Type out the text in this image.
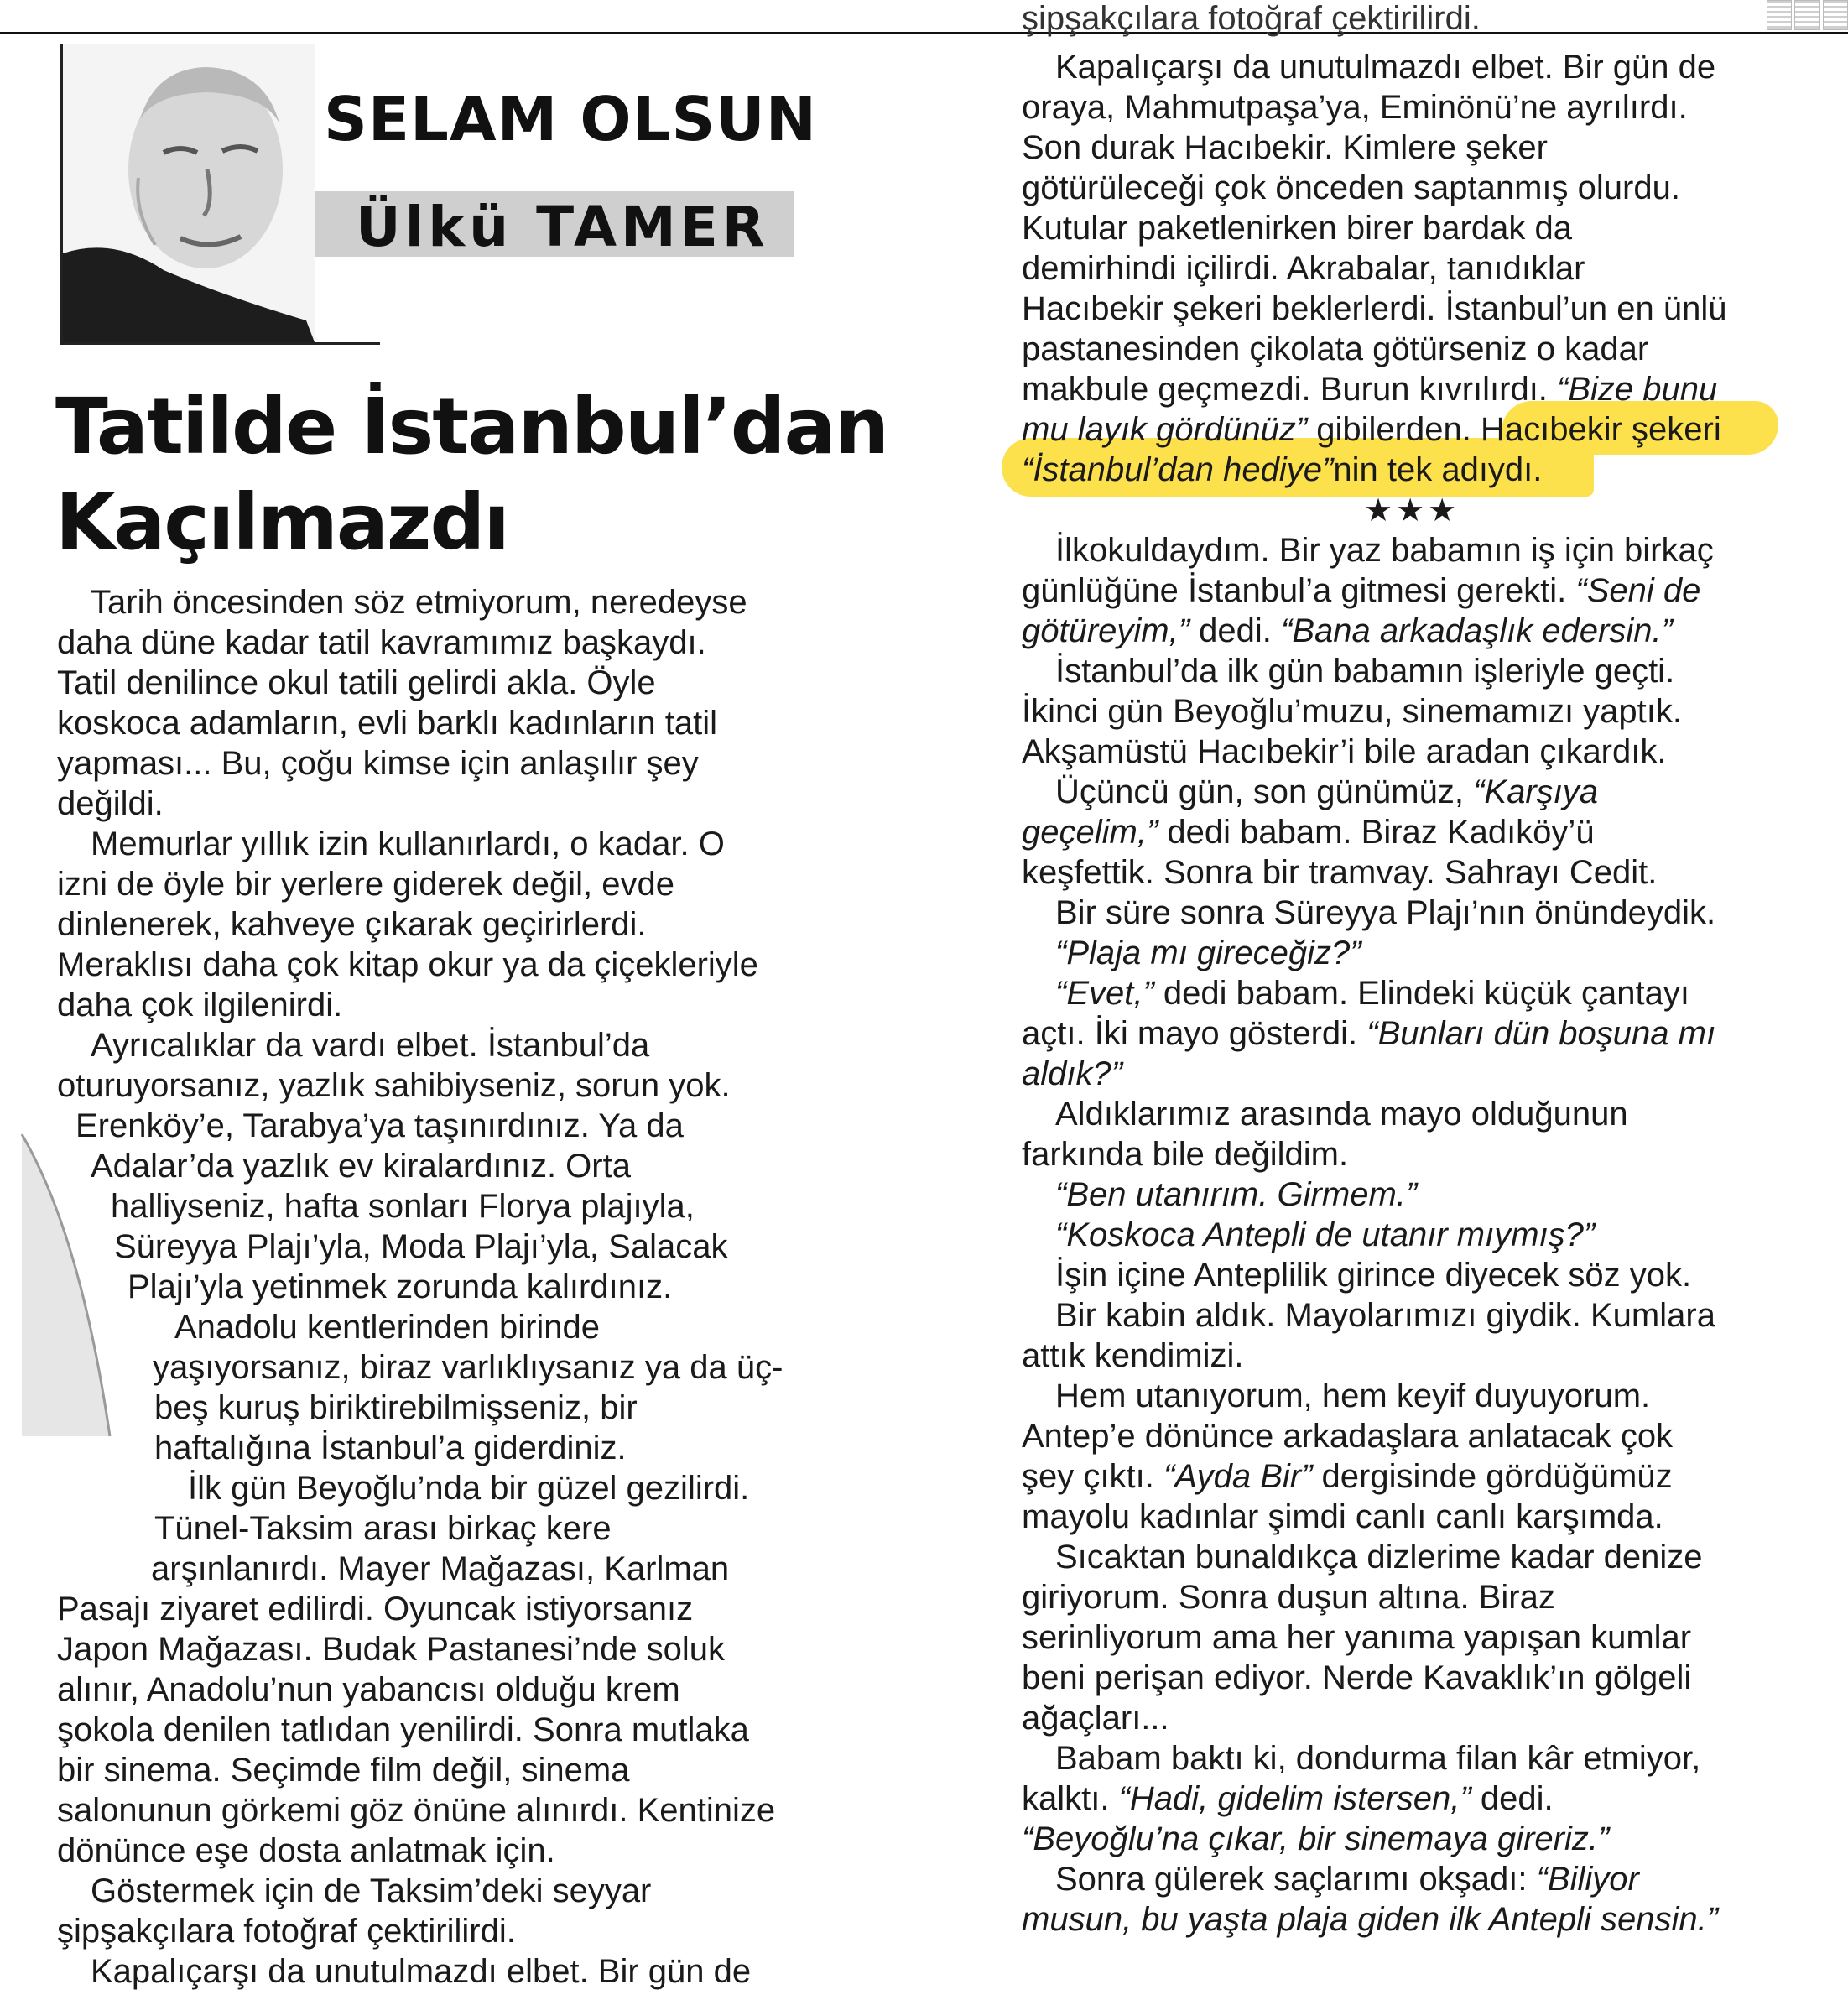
SELAM OLSUN
Ülkü TAMER
Tatilde İstanbul’dan
Kaçılmazdı

Tarih öncesinden söz etmiyorum, neredeyse

daha düne kadar tatil kavramımız başkaydı.

Tatil denilince okul tatili gelirdi akla. Öyle

koskoca adamların, evli barklı kadınların tatil

yapması... Bu, çoğu kimse için anlaşılır şey

değildi.

Memurlar yıllık izin kullanırlardı, o kadar. O

izni de öyle bir yerlere giderek değil, evde

dinlenerek, kahveye çıkarak geçirirlerdi.

Meraklısı daha çok kitap okur ya da çiçekleriyle

daha çok ilgilenirdi.

Ayrıcalıklar da vardı elbet. İstanbul’da

oturuyorsanız, yazlık sahibiyseniz, sorun yok.

Erenköy’e, Tarabya’ya taşınırdınız. Ya da

Adalar’da yazlık ev kiralardınız. Orta

halliyseniz, hafta sonları Florya plajıyla,

Süreyya Plajı’yla, Moda Plajı’yla, Salacak

Plajı’yla yetinmek zorunda kalırdınız.

Anadolu kentlerinden birinde

yaşıyorsanız, biraz varlıklıysanız ya da üç-

beş kuruş biriktirebilmişseniz, bir

haftalığına İstanbul’a giderdiniz.

İlk gün Beyoğlu’nda bir güzel gezilirdi.

Tünel-Taksim arası birkaç kere

arşınlanırdı. Mayer Mağazası, Karlman

Pasajı ziyaret edilirdi. Oyuncak istiyorsanız

Japon Mağazası. Budak Pastanesi’nde soluk

alınır, Anadolu’nun yabancısı olduğu krem

şokola denilen tatlıdan yenilirdi. Sonra mutlaka

bir sinema. Seçimde film değil, sinema

salonunun görkemi göz önüne alınırdı. Kentinize

dönünce eşe dosta anlatmak için.

Göstermek için de Taksim’deki seyyar

şipşakçılara fotoğraf çektirilirdi.

Kapalıçarşı da unutulmazdı elbet. Bir gün de

şipşakçılara fotoğraf çektirilirdi.

Kapalıçarşı da unutulmazdı elbet. Bir gün de

oraya, Mahmutpaşa’ya, Eminönü’ne ayrılırdı.

Son durak Hacıbekir. Kimlere şeker

götürüleceği çok önceden saptanmış olurdu.

Kutular paketlenirken birer bardak da

demirhindi içilirdi. Akrabalar, tanıdıklar

Hacıbekir şekeri beklerlerdi. İstanbul’un en ünlü

pastanesinden çikolata götürseniz o kadar

makbule geçmezdi. Burun kıvrılırdı. “Bize bunu

mu layık gördünüz” gibilerden. Hacıbekir şekeri

“İstanbul’dan hediye”nin tek adıydı.

★★★

İlkokuldaydım. Bir yaz babamın iş için birkaç

günlüğüne İstanbul’a gitmesi gerekti. “Seni de

götüreyim,” dedi. “Bana arkadaşlık edersin.”

İstanbul’da ilk gün babamın işleriyle geçti.

İkinci gün Beyoğlu’muzu, sinemamızı yaptık.

Akşamüstü Hacıbekir’i bile aradan çıkardık.

Üçüncü gün, son günümüz, “Karşıya

geçelim,” dedi babam. Biraz Kadıköy’ü

keşfettik. Sonra bir tramvay. Sahrayı Cedit.

Bir süre sonra Süreyya Plajı’nın önündeydik.

“Plaja mı gireceğiz?”

“Evet,” dedi babam. Elindeki küçük çantayı

açtı. İki mayo gösterdi. “Bunları dün boşuna mı

aldık?”

Aldıklarımız arasında mayo olduğunun

farkında bile değildim.

“Ben utanırım. Girmem.”

“Koskoca Antepli de utanır mıymış?”

İşin içine Anteplilik girince diyecek söz yok.

Bir kabin aldık. Mayolarımızı giydik. Kumlara

attık kendimizi.

Hem utanıyorum, hem keyif duyuyorum.

Antep’e dönünce arkadaşlara anlatacak çok

şey çıktı. “Ayda Bir” dergisinde gördüğümüz

mayolu kadınlar şimdi canlı canlı karşımda.

Sıcaktan bunaldıkça dizlerime kadar denize

giriyorum. Sonra duşun altına. Biraz

serinliyorum ama her yanıma yapışan kumlar

beni perişan ediyor. Nerde Kavaklık’ın gölgeli

ağaçları...

Babam baktı ki, dondurma filan kâr etmiyor,

kalktı. “Hadi, gidelim istersen,” dedi.

“Beyoğlu’na çıkar, bir sinemaya gireriz.”

Sonra gülerek saçlarımı okşadı: “Biliyor

musun, bu yaşta plaja giden ilk Antepli sensin.”
